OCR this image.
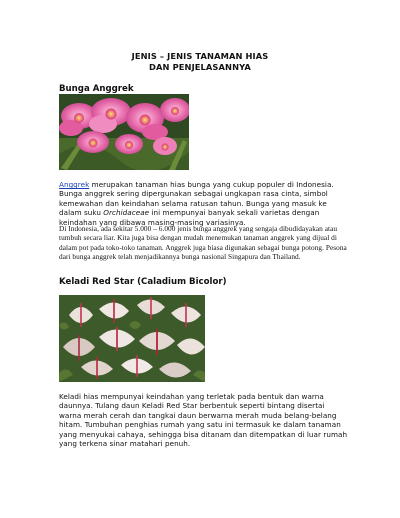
JENIS – JENIS TANAMAN HIAS
DAN PENJELASANNYA
Bunga Anggrek

Anggrek merupakan tanaman hias bunga yang cukup populer di Indonesia. Bunga anggrek sering dipergunakan sebagai ungkapan rasa cinta, simbol kemewahan dan keindahan selama ratusan tahun. Bunga yang masuk ke dalam suku Orchidaceae ini mempunyai banyak sekali varietas dengan keindahan yang dibawa masing-masing variasinya.

Di Indonesia, ada sekitar 5.000 – 6.000 jenis bunga anggrek yang sengaja dibudidayakan atau tumbuh secara liar. Kita juga bisa dengan mudah menemukan tanaman anggrek yang dijual di dalam pot pada toko-toko tanaman. Anggrek juga biasa digunakan sebagai bunga potong. Pesona dari bunga anggrek telah menjadikannya bunga nasional Singapura dan Thailand.

Keladi Red Star (Caladium Bicolor)

Keladi hias mempunyai keindahan yang terletak pada bentuk dan warna daunnya. Tulang daun Keladi Red Star berbentuk seperti bintang disertai warna merah cerah dan tangkai daun berwarna merah muda belang-belang hitam. Tumbuhan penghias rumah yang satu ini termasuk ke dalam tanaman yang menyukai cahaya, sehingga bisa ditanam dan ditempatkan di luar rumah yang terkena sinar matahari penuh.
